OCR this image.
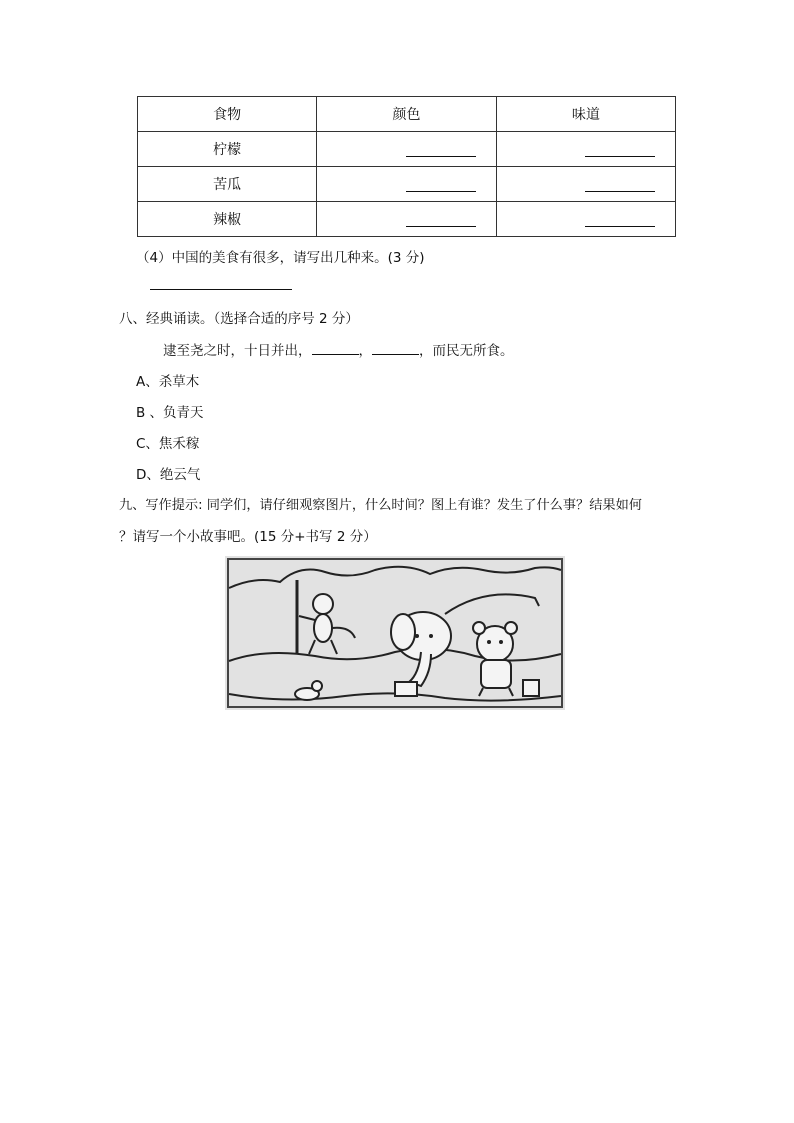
食物	颜色	味道
柠檬		
苦瓜		
辣椒		
（4）中国的美食有很多，请写出几种来。(3 分)
八、经典诵读。（选择合适的序号 2 分）
逮至尧之时，十日并出，	，	，而民无所食。
A、杀草木
B 、负青天
C、焦禾稼
D、绝云气
九、写作提示: 同学们，请仔细观察图片，什么时间？图上有谁？发生了什么事？结果如何
？请写一个小故事吧。(15 分+书写 2 分）
